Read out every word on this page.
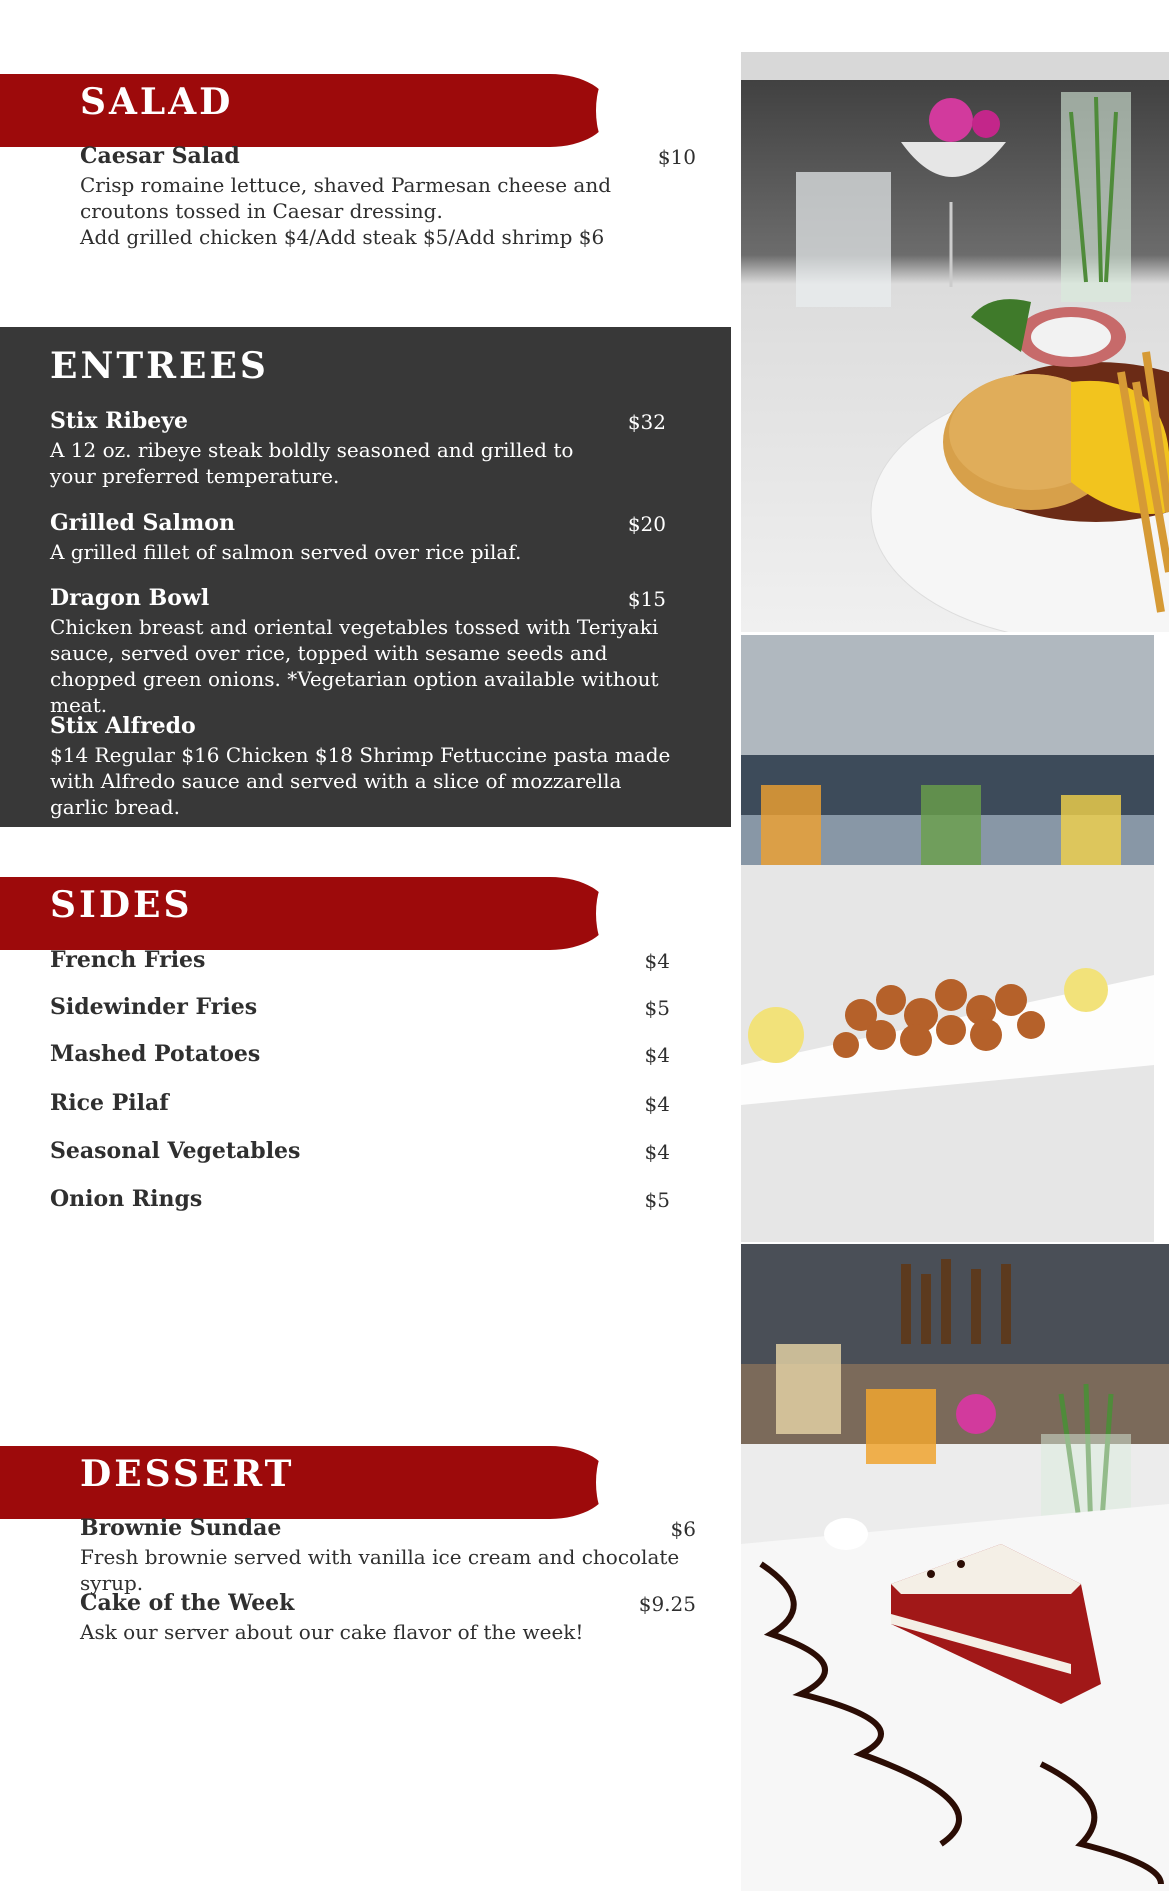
SALAD
Caesar Salad	$10
Crisp romaine lettuce, shaved Parmesan cheese and croutons tossed in Caesar dressing.
Add grilled chicken $4/Add steak $5/Add shrimp $6
ENTREES
Stix Ribeye	$32
A 12 oz. ribeye steak boldly seasoned and grilled to your preferred temperature.
Grilled Salmon	$20
A grilled fillet of salmon served over rice pilaf.
Dragon Bowl	$15
Chicken breast and oriental vegetables tossed with Teriyaki sauce, served over rice, topped with sesame seeds and chopped green onions. *Vegetarian option available without meat.
Stix Alfredo
$14 Regular $16 Chicken $18 Shrimp Fettuccine pasta made with Alfredo sauce and served with a slice of mozzarella garlic bread.
SIDES
French Fries	$4
Sidewinder Fries	$5
Mashed Potatoes	$4
Rice Pilaf	$4
Seasonal Vegetables	$4
Onion Rings	$5
DESSERT
Brownie Sundae	$6
Fresh brownie served with vanilla ice cream and chocolate syrup.
Cake of the Week	$9.25
Ask our server about our cake flavor of the week!
